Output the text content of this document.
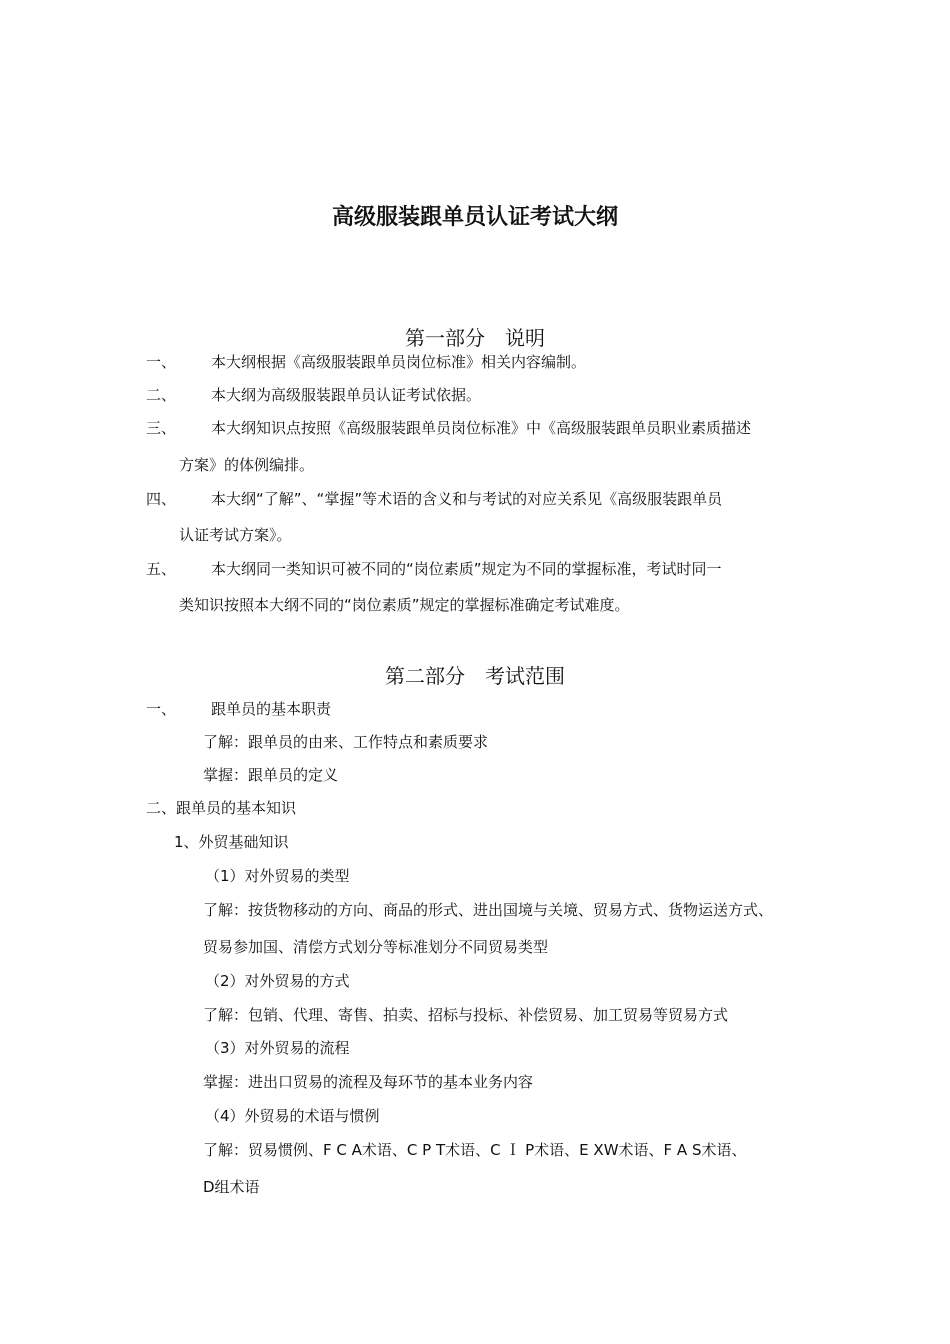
高级服装跟单员认证考试大纲
第一部分　说明
一、 本大纲根据《高级服装跟单员岗位标准》相关内容编制。
二、 本大纲为高级服装跟单员认证考试依据。
三、 本大纲知识点按照《高级服装跟单员岗位标准》中《高级服装跟单员职业素质描述
方案》的体例编排。
四、 本大纲“了解”、“掌握”等术语的含义和与考试的对应关系见《高级服装跟单员
认证考试方案》。
五、 本大纲同一类知识可被不同的“岗位素质”规定为不同的掌握标准，考试时同一
类知识按照本大纲不同的“岗位素质”规定的掌握标准确定考试难度。
第二部分　考试范围
一、 跟单员的基本职责
了解：跟单员的由来、工作特点和素质要求
掌握：跟单员的定义
二、跟单员的基本知识
1、外贸基础知识
（1）对外贸易的类型
了解：按货物移动的方向、商品的形式、进出国境与关境、贸易方式、货物运送方式、
贸易参加国、清偿方式划分等标准划分不同贸易类型
（2）对外贸易的方式
了解：包销、代理、寄售、拍卖、招标与投标、补偿贸易、加工贸易等贸易方式
（3）对外贸易的流程
掌握：进出口贸易的流程及每环节的基本业务内容
（4）外贸易的术语与惯例
了解：贸易惯例、F C A术语、C P T术语、C Ｉ P术语、E XW术语、F A S术语、
D组术语
